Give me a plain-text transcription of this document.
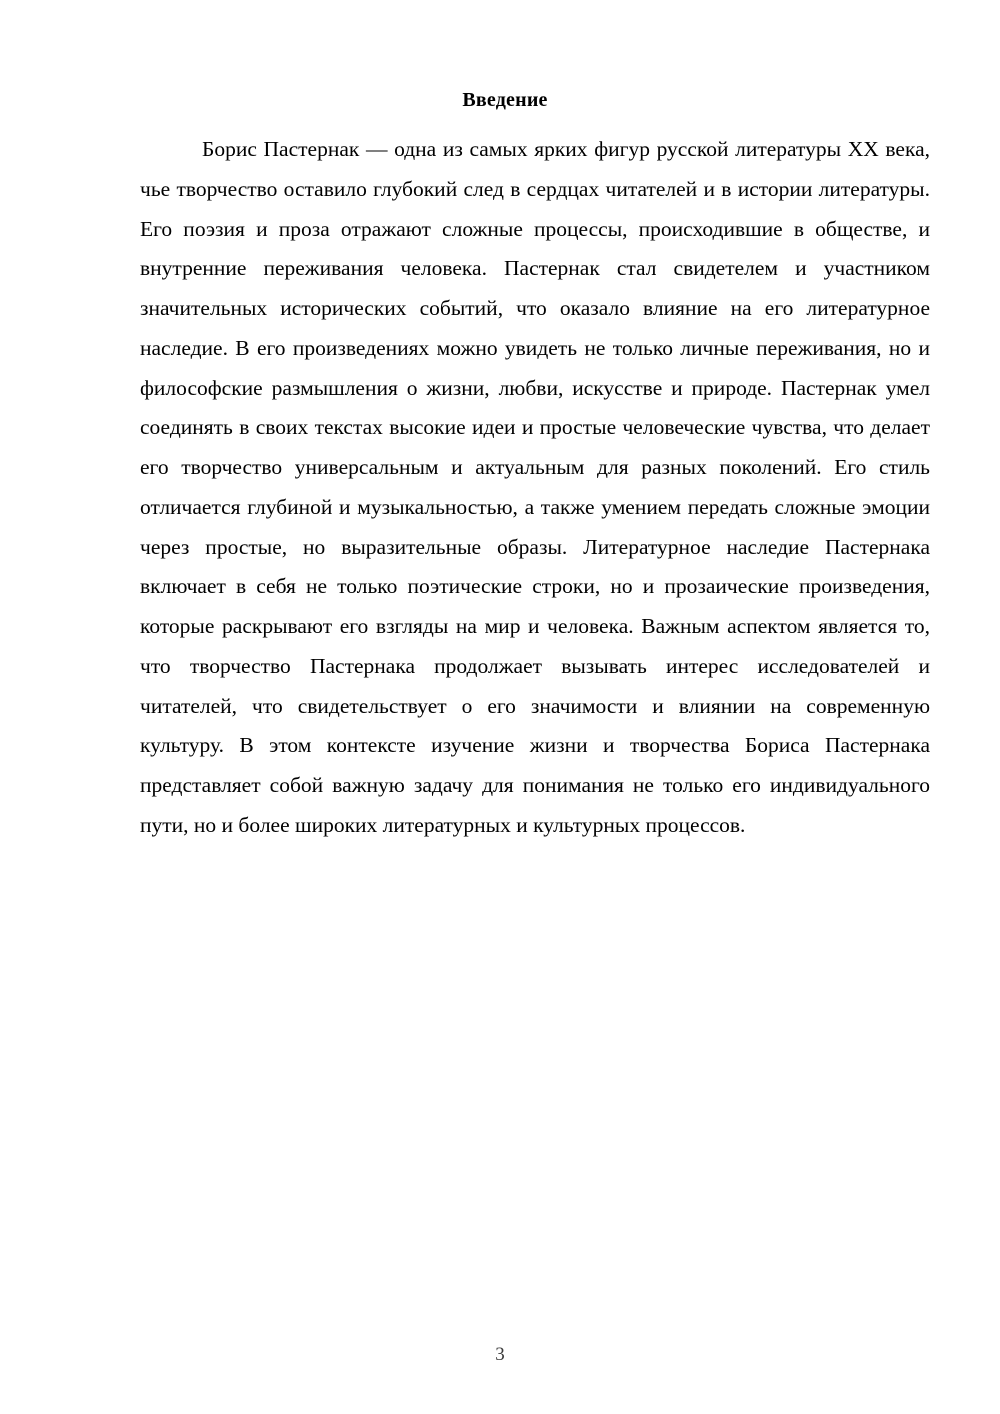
Введение

Борис Пастернак — одна из самых ярких фигур русской литературы XX века, чье творчество оставило глубокий след в сердцах читателей и в истории литературы. Его поэзия и проза отражают сложные процессы, происходившие в обществе, и внутренние переживания человека. Пастернак стал свидетелем и участником значительных исторических событий, что оказало влияние на его литературное наследие. В его произведениях можно увидеть не только личные переживания, но и философские размышления о жизни, любви, искусстве и природе. Пастернак умел соединять в своих текстах высокие идеи и простые человеческие чувства, что делает его творчество универсальным и актуальным для разных поколений. Его стиль отличается глубиной и музыкальностью, а также умением передать сложные эмоции через простые, но выразительные образы. Литературное наследие Пастернака включает в себя не только поэтические строки, но и прозаические произведения, которые раскрывают его взгляды на мир и человека. Важным аспектом является то, что творчество Пастернака продолжает вызывать интерес исследователей и читателей, что свидетельствует о его значимости и влиянии на современную культуру. В этом контексте изучение жизни и творчества Бориса Пастернака представляет собой важную задачу для понимания не только его индивидуального пути, но и более широких литературных и культурных процессов.

3
